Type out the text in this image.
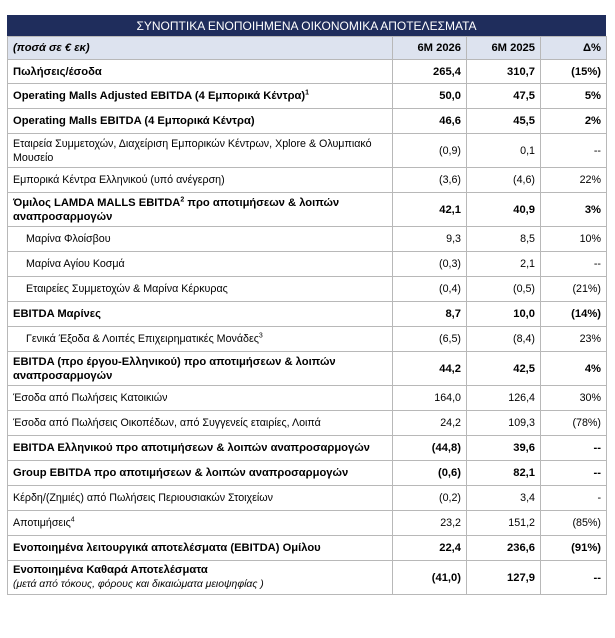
ΣΥΝΟΠΤΙΚΑ ΕΝΟΠΟΙΗΜΕΝΑ ΟΙΚΟΝΟΜΙΚΑ ΑΠΟΤΕΛΕΣΜΑΤΑ
(ποσά σε € εκ)	6M 2026	6M 2025	Δ%
Πωλήσεις/έσοδα	265,4	310,7	(15%)
Operating Malls Adjusted EBITDA (4 Εμπορικά Κέντρα)$^1$	50,0	47,5	5%
Operating Malls EBITDA (4 Εμπορικά Κέντρα)	46,6	45,5	2%
Εταιρεία Συμμετοχών, Διαχείριση Εμπορικών Κέντρων, Xplore & Ολυμπιακό Μουσείο	(0,9)	0,1	--
Εμπορικά Κέντρα Ελληνικού (υπό ανέγερση)	(3,6)	(4,6)	22%
Όμιλος LAMDA MALLS EBITDA$^2$ προ αποτιμήσεων & λοιπών αναπροσαρμογών	42,1	40,9	3%
Μαρίνα Φλοίσβου	9,3	8,5	10%
Μαρίνα Αγίου Κοσμά	(0,3)	2,1	--
Εταιρείες Συμμετοχών & Μαρίνα Κέρκυρας	(0,4)	(0,5)	(21%)
EBITDA Μαρίνες	8,7	10,0	(14%)
Γενικά Έξοδα & Λοιπές Επιχειρηματικές Μονάδες$^3$	(6,5)	(8,4)	23%
EBITDA (προ έργου-Ελληνικού) προ αποτιμήσεων & λοιπών αναπροσαρμογών	44,2	42,5	4%
Έσοδα από Πωλήσεις Κατοικιών	164,0	126,4	30%
Έσοδα από Πωλήσεις Οικοπέδων, από Συγγενείς εταιρίες, Λοιπά	24,2	109,3	(78%)
EBITDA Ελληνικού προ αποτιμήσεων & λοιπών αναπροσαρμογών	(44,8)	39,6	--
Group EBITDA προ αποτιμήσεων & λοιπών αναπροσαρμογών	(0,6)	82,1	--
Κέρδη/(Ζημιές) από Πωλήσεις Περιουσιακών Στοιχείων	(0,2)	3,4	-
Αποτιμήσεις$^4$	23,2	151,2	(85%)
Ενοποιημένα λειτουργικά αποτελέσματα (EBITDA) Ομίλου	22,4	236,6	(91%)
Ενοποιημένα Καθαρά Αποτελέσματα
(μετά από τόκους, φόρους και δικαιώματα μειοψηφίας )	(41,0)	127,9	--
